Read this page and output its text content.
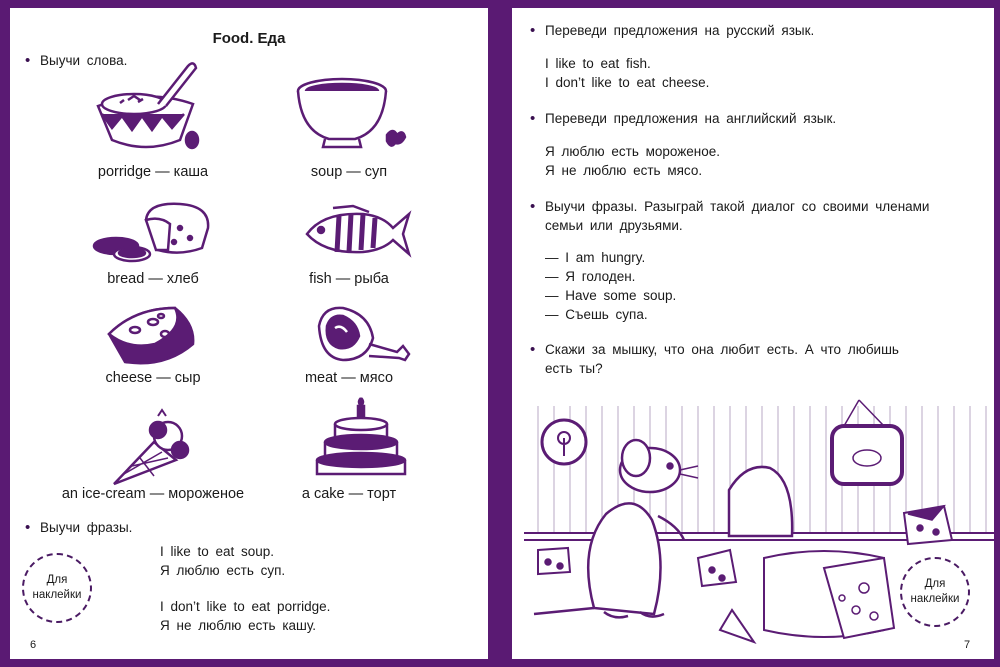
Food. Еда
• Выучи слова.
porridge — каша	soup — суп
bread — хлеб	fish — рыба
cheese — сыр	meat — мясо
an ice-cream — мороженое	a cake — торт
• Выучи фразы.
I like to eat soup.
Я люблю есть суп.
I don’t like to eat porridge.
Я не люблю есть кашу.
Для наклейки
6
• Переведи предложения на русский язык.
I like to eat fish.
I don’t like to eat cheese.
• Переведи предложения на английский язык.
Я люблю есть мороженое.
Я не люблю есть мясо.
• Выучи фразы. Разыграй такой диалог со своими членами
семьи или друзьями.
— I am hungry.
— Я голоден.
— Have some soup.
— Съешь супа.
• Скажи за мышку, что она любит есть. А что любишь
есть ты?
Для наклейки
7
